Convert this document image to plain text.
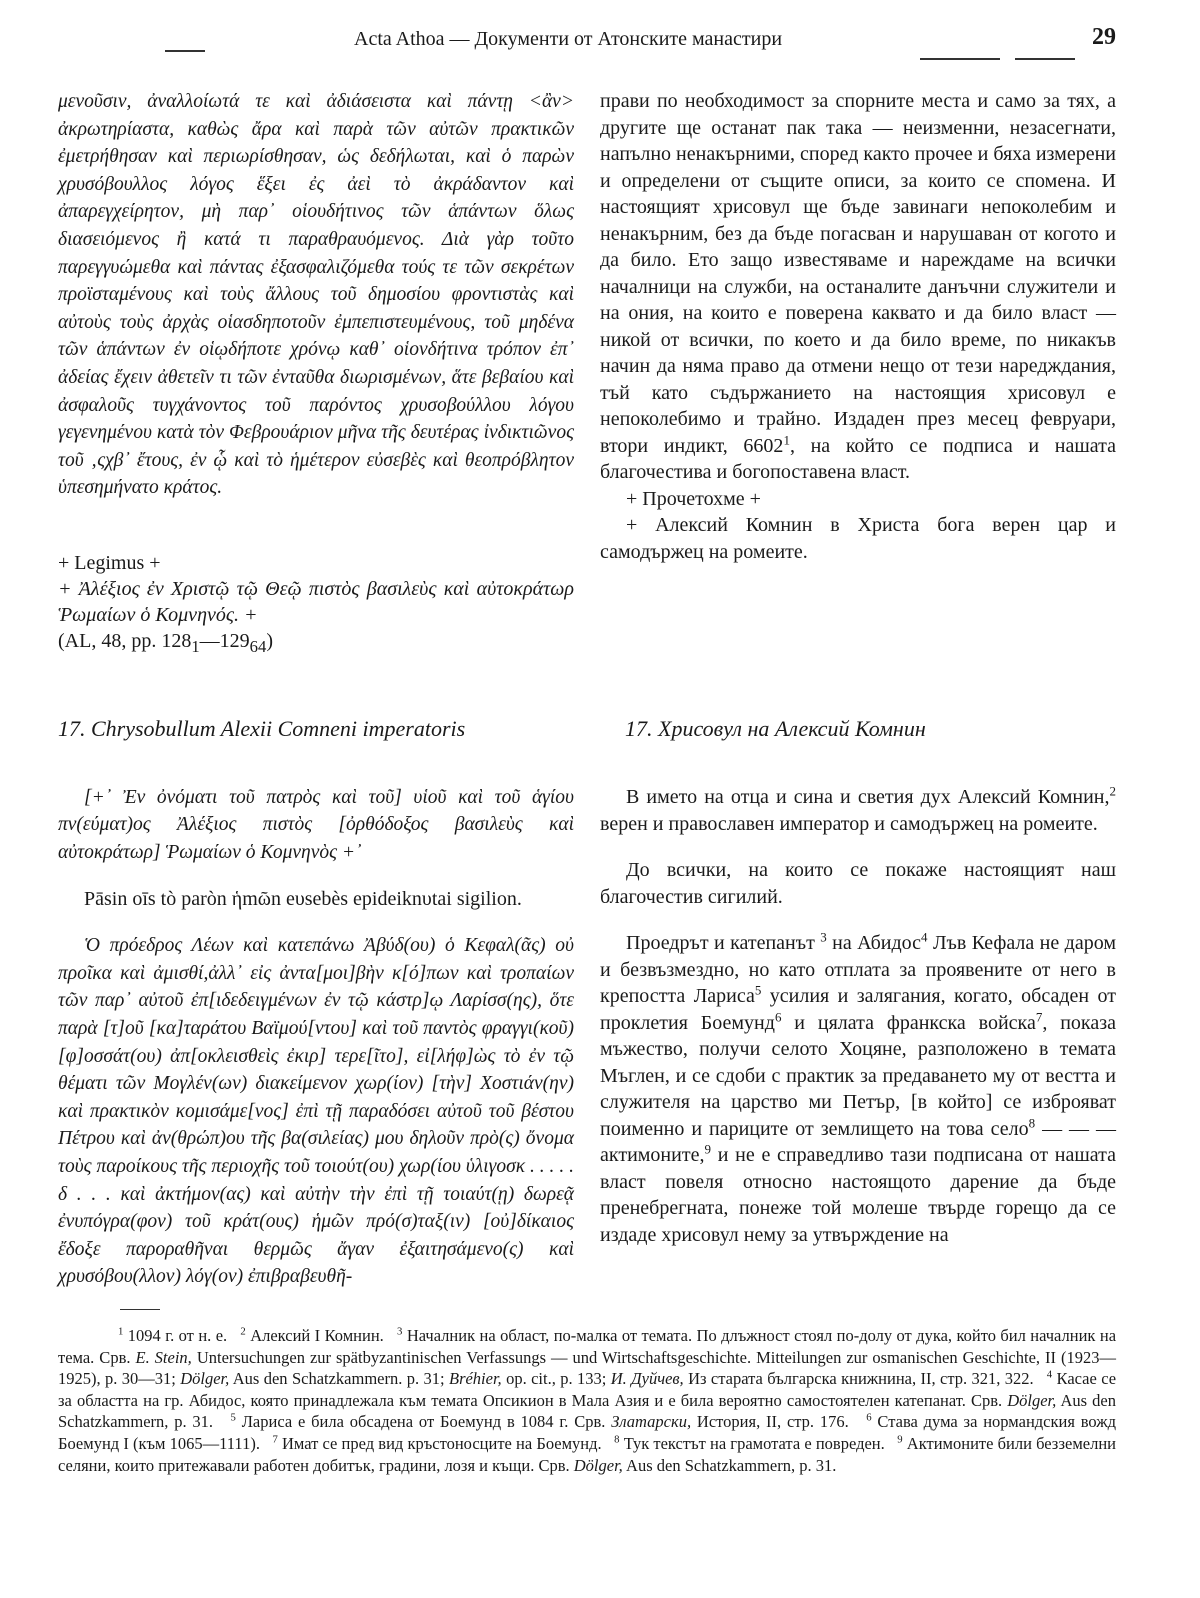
Acta Athoa — Документи от Атонските манастири	29

μενοῦσιν, ἀναλλοίωτά τε καὶ ἀδιάσειστα καὶ πάντῃ <ἂν> ἀκρωτηρίαστα, καθὼς ἄρα καὶ παρὰ τῶν αὐτῶν πρακτικῶν ἐμετρήθησαν καὶ περιωρίσθησαν, ὡς δεδήλωται, καὶ ὁ παρὼν χρυσόβουλλος λόγος ἕξει ἐς ἀεὶ τὸ ἀκράδαντον καὶ ἀπαρεγχείρητον, μὴ παρ᾽ οἱουδήτινος τῶν ἁπάντων ὅλως διασειόμενος ἢ κατά τι παραθραυόμενος. Διὰ γὰρ τοῦτο παρεγγυώμεθα καὶ πάντας ἐξασφαλιζόμεθα τούς τε τῶν σεκρέτων προϊσταμένους καὶ τοὺς ἄλλους τοῦ δημοσίου φροντιστὰς καὶ αὐτοὺς τοὺς ἀρχὰς οἱασδηποτοῦν ἐμπεπιστευμένους, τοῦ μηδένα τῶν ἁπάντων ἐν οἱῳδήποτε χρόνῳ καθ᾽ οἱονδήτινα τρόπον ἐπ᾽ ἀδείας ἔχειν ἀθετεῖν τι τῶν ἐνταῦθα διωρισμένων, ἅτε βεβαίου καὶ ἀσφαλοῦς τυγχάνοντος τοῦ παρόντος χρυσοβούλλου λόγου γεγενημένου κατὰ τὸν Φεβρουάριον μῆνα τῆς δευτέρας ἰνδικτιῶνος τοῦ ‚ςχβ᾽ ἔτους, ἐν ᾧ καὶ τὸ ἡμέτερον εὐσεβὲς καὶ θεοπρόβλητον ὑπεσημήνατο κράτος.

+ Legimus +
+ Ἀλέξιος ἐν Χριστῷ τῷ Θεῷ πιστὸς βασιλεὺς καὶ αὐτοκράτωρ Ῥωμαίων ὁ Κομνηνός. +
(AL, 48, pp. $128_1—129_{64}$)

прави по необходимост за спорните места и само за тях, а другите ще останат пак така — неизменни, незасегнати, напълно ненакърними, според както прочее и бяха измерени и определени от същите описи, за които се спомена. И настоящият хрисовул ще бъде завинаги непоколебим и ненакърним, без да бъде погасван и нарушаван от когото и да било. Ето защо известяваме и нареждаме на всички началници на служби, на останалите данъчни служители и на ония, на които е поверена каквато и да било власт — никой от всички, по което и да било време, по никакъв начин да няма право да отмени нещо от тези наредждания, тъй като съдържанието на настоящия хрисовул е непоколебимо и трайно. Издаден през месец февруари, втори индикт, 6602$^1$, на който се подписа и нашата благочестива и богопоставена власт.

+ Прочетохме +

+ Алексий Комнин в Христа бога верен цар и самодържец на ромеите.

17. Chrysobullum Alexii Comneni imperatoris	17. Хрисовул на Алексий Комнин

[+᾽ Ἐν ὀνόματι τοῦ πατρὸς καὶ τοῦ] υἱοῦ καὶ τοῦ ἁγίου πν(εύματ)ος Ἀλέξιος πιστὸς [ὀρθόδοξος βασιλεὺς καὶ αὐτοκράτωρ] Ῥωμαίων ὁ Κομνηνὸς +᾽

Pāsin oīs tò paròn ἡmῶn eυsebès epideiknυtai sigilion.

Ὁ πρόεδρος Λέων καὶ κατεπάνω Ἀβύδ(ου) ὁ Κεφαλ(ᾶς) οὐ προῖκα καὶ ἀμισθί,ἀλλ᾽ εἰς ἀντα[μοι]βὴν κ[ό]πων καὶ τροπαίων τῶν παρ᾽ αὐτοῦ ἐπ[ιδεδειγμένων ἐν τῷ κάστρ]ῳ Λαρίσσ(ης), ὅτε παρὰ [τ]οῦ [κα]ταράτου Βαϊμού[ντου] καὶ τοῦ παντὸς φραγγι(κοῦ) [φ]οσσάτ(ου) ἀπ[οκλεισθεὶς ἐκιρ] τερε[ῖτο], εἰ[λήφ]ὼς τὸ ἐν τῷ θέματι τῶν Μογλέν(ων) διακείμενον χωρ(ίον) [τὴν] Χοστιάν(ην) καὶ πρακτικὸν κομισάμε[νος] ἐπὶ τῇ παραδόσει αὐτοῦ τοῦ βέστου Πέτρου καὶ ἀν(θρώπ)ου τῆς βα(σιλείας) μου δηλοῦν πρὸ(ς) ὄνομα τοὺς παροίκους τῆς περιοχῆς τοῦ τοιούτ(ου) χωρ(ίου ὑλιγοσκ . . . . . δ . . . καὶ ἀκτήμον(ας) καὶ αὐτὴν τὴν ἐπὶ τῇ τοιαύτ(ῃ) δωρεᾷ ἐνυπόγρα(φον) τοῦ κράτ(ους) ἡμῶν πρό(σ)ταξ(ιν) [οὐ]δίκαιος ἔδοξε παροραθῆναι θερμῶς ἄγαν ἐξαιτησάμενο(ς) καὶ χρυσόβου(λλον) λόγ(ον) ἐπιβραβευθῆ-

В името на отца и сина и светия дух Алексий Комнин,$^2$ верен и православен император и самодържец на ромеите.

До всички, на които се покаже настоящият наш благочестив сигилий.

Проедрът и катепанът $^3$ на Абидос$^4$ Лъв Кефала не даром и безвъзмездно, но като отплата за проявените от него в крепостта Лариса$^5$ усилия и залягания, когато, обсаден от проклетия Боемунд$^6$ и цялата франкска войска$^7$, показа мъжество, получи селото Хоцяне, разположено в темата Мъглен, и се сдоби с практик за предаването му от вестта и служителя на царство ми Петър, [в който] се изброяват поименно и париците от землището на това село$^8$ — — — актимоните,$^9$ и не е справедливо тази подписана от нашата власт повеля относно настоящото дарение да бъде пренебрегната, понеже той молеше твърде горещо да се издаде хрисовул нему за утвърждение на

$^1$ 1094 г. от н. е. $^2$ Алексий I Комнин. $^3$ Началник на област, по-малка от темата. По длъжност стоял по-долу от дука, който бил началник на тема. Срв. E. Stein, Untersuchungen zur spätbyzantinischen Verfassungs — und Wirtschaftsgeschichte. Mitteilungen zur osmanischen Geschichte, II (1923—1925), р. 30—31; Dölger, Aus den Schatzkammern. p. 31; Bréhier, op. cit., p. 133; И. Дуйчев, Из старата българска книжнина, II, стр. 321, 322. $^4$ Касае се за областта на гр. Абидос, която принадлежала към темата Опсикион в Мала Азия и е била вероятно самостоятелен катепанат. Срв. Dölger, Aus den Schatzkammern, p. 31. $^5$ Лариса е била обсадена от Боемунд в 1084 г. Срв. Златарски, История, II, стр. 176. $^6$ Става дума за нормандския вожд Боемунд I (към 1065—1111). $^7$ Имат се пред вид кръстоносците на Боемунд. $^8$ Тук текстът на грамотата е повреден. $^9$ Актимоните били безземелни селяни, които притежавали работен добитък, градини, лозя и къщи. Срв. Dölger, Aus den Schatzkammern, p. 31.
